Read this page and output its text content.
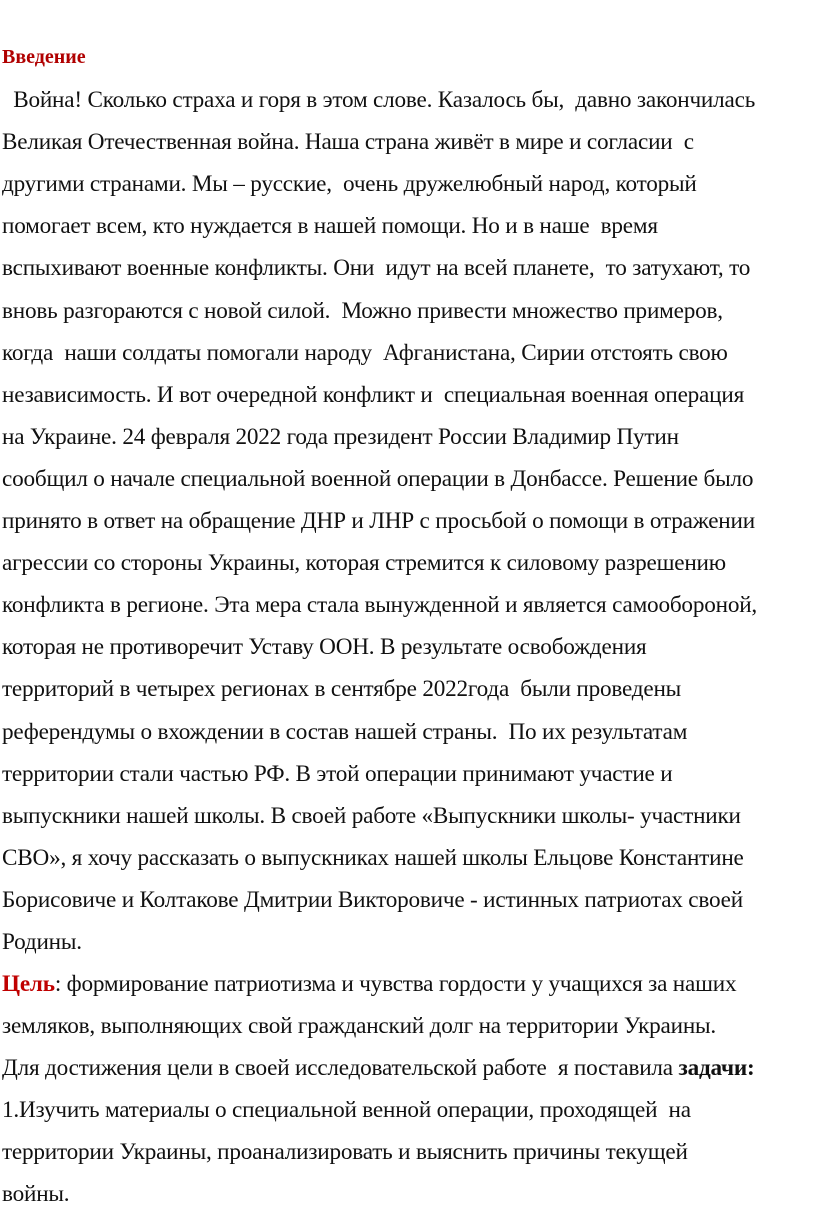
Введение
Война! Сколько страха и горя в этом слове. Казалось бы,  давно закончилась
Великая Отечественная война. Наша страна живёт в мире и согласии  с
другими странами. Мы – русские,  очень дружелюбный народ, который
помогает всем, кто нуждается в нашей помощи. Но и в наше  время
вспыхивают военные конфликты. Они  идут на всей планете,  то затухают, то
вновь разгораются с новой силой.  Можно привести множество примеров,
когда  наши солдаты помогали народу  Афганистана, Сирии отстоять свою
независимость. И вот очередной конфликт и  специальная военная операция
на Украине. 24 февраля 2022 года президент России Владимир Путин
сообщил о начале специальной военной операции в Донбассе. Решение было
принято в ответ на обращение ДНР и ЛНР с просьбой о помощи в отражении
агрессии со стороны Украины, которая стремится к силовому разрешению
конфликта в регионе. Эта мера стала вынужденной и является самообороной,
которая не противоречит Уставу ООН. В результате освобождения
территорий в четырех регионах в сентябре 2022года  были проведены
референдумы о вхождении в состав нашей страны.  По их результатам
территории стали частью РФ. В этой операции принимают участие и
выпускники нашей школы. В своей работе «Выпускники школы- участники
СВО», я хочу рассказать о выпускниках нашей школы Ельцове Константине
Борисовиче и Колтакове Дмитрии Викторовиче - истинных патриотах своей
Родины.
Цель: формирование патриотизма и чувства гордости у учащихся за наших
земляков, выполняющих свой гражданский долг на территории Украины.
Для достижения цели в своей исследовательской работе  я поставила задачи:
1.Изучить материалы о специальной венной операции, проходящей  на
территории Украины, проанализировать и выяснить причины текущей
войны.
